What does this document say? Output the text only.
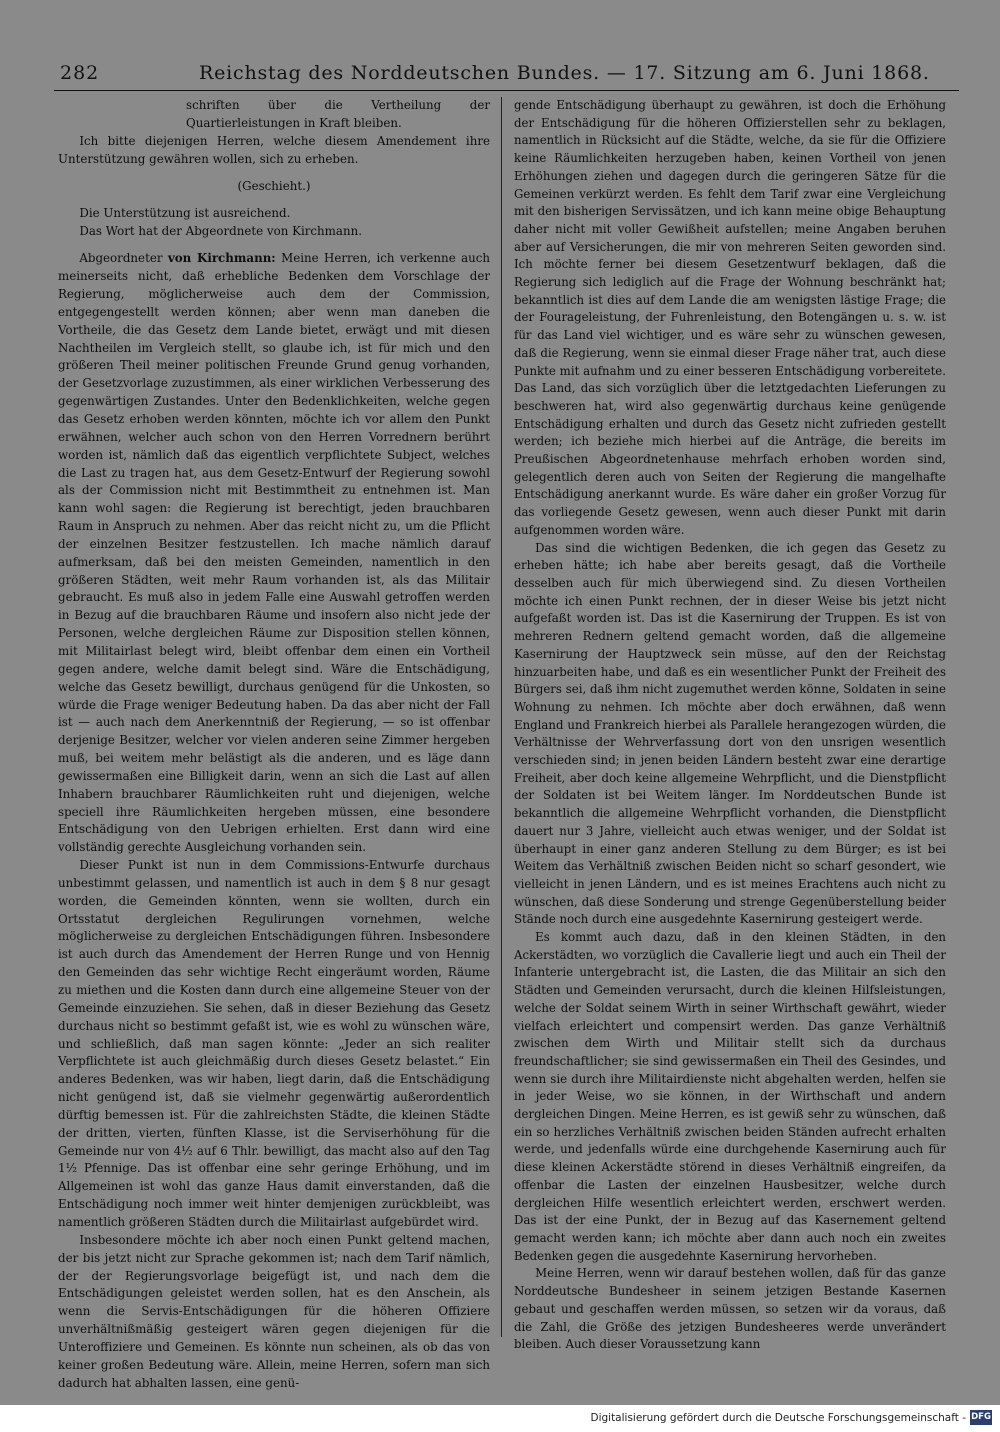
282	Reichstag des Norddeutschen Bundes. — 17. Sitzung am 6. Juni 1868.

schriften über die Vertheilung der Quartierleistungen in Kraft bleiben.

Ich bitte diejenigen Herren, welche diesem Amendement ihre Unterstützung gewähren wollen, sich zu erheben.

(Geschieht.)

Die Unterstützung ist ausreichend.

Das Wort hat der Abgeordnete von Kirchmann.

Abgeordneter von Kirchmann: Meine Herren, ich verkenne auch meinerseits nicht, daß erhebliche Bedenken dem Vorschlage der Regierung, möglicherweise auch dem der Commission, entgegengestellt werden können; aber wenn man daneben die Vortheile, die das Gesetz dem Lande bietet, erwägt und mit diesen Nachtheilen im Vergleich stellt, so glaube ich, ist für mich und den größeren Theil meiner politischen Freunde Grund genug vorhanden, der Gesetzvorlage zuzustimmen, als einer wirklichen Verbesserung des gegenwärtigen Zustandes. Unter den Bedenklichkeiten, welche gegen das Gesetz erhoben werden könnten, möchte ich vor allem den Punkt erwähnen, welcher auch schon von den Herren Vorrednern berührt worden ist, nämlich daß das eigentlich verpflichtete Subject, welches die Last zu tragen hat, aus dem Gesetz-Entwurf der Regierung sowohl als der Commission nicht mit Bestimmtheit zu entnehmen ist. Man kann wohl sagen: die Regierung ist berechtigt, jeden brauchbaren Raum in Anspruch zu nehmen. Aber das reicht nicht zu, um die Pflicht der einzelnen Besitzer festzustellen. Ich mache nämlich darauf aufmerksam, daß bei den meisten Gemeinden, namentlich in den größeren Städten, weit mehr Raum vorhanden ist, als das Militair gebraucht. Es muß also in jedem Falle eine Auswahl getroffen werden in Bezug auf die brauchbaren Räume und insofern also nicht jede der Personen, welche dergleichen Räume zur Disposition stellen können, mit Militairlast belegt wird, bleibt offenbar dem einen ein Vortheil gegen andere, welche damit belegt sind. Wäre die Entschädigung, welche das Gesetz bewilligt, durchaus genügend für die Unkosten, so würde die Frage weniger Bedeutung haben. Da das aber nicht der Fall ist — auch nach dem Anerkenntniß der Regierung, — so ist offenbar derjenige Besitzer, welcher vor vielen anderen seine Zimmer hergeben muß, bei weitem mehr belästigt als die anderen, und es läge dann gewissermaßen eine Billigkeit darin, wenn an sich die Last auf allen Inhabern brauchbarer Räumlichkeiten ruht und diejenigen, welche speciell ihre Räumlichkeiten hergeben müssen, eine besondere Entschädigung von den Uebrigen erhielten. Erst dann wird eine vollständig gerechte Ausgleichung vorhanden sein.

Dieser Punkt ist nun in dem Commissions-Entwurfe durchaus unbestimmt gelassen, und namentlich ist auch in dem § 8 nur gesagt worden, die Gemeinden könnten, wenn sie wollten, durch ein Ortsstatut dergleichen Regulirungen vornehmen, welche möglicherweise zu dergleichen Entschädigungen führen. Insbesondere ist auch durch das Amendement der Herren Runge und von Hennig den Gemeinden das sehr wichtige Recht eingeräumt worden, Räume zu miethen und die Kosten dann durch eine allgemeine Steuer von der Gemeinde einzuziehen. Sie sehen, daß in dieser Beziehung das Gesetz durchaus nicht so bestimmt gefaßt ist, wie es wohl zu wünschen wäre, und schließlich, daß man sagen könnte: „Jeder an sich realiter Verpflichtete ist auch gleichmäßig durch dieses Gesetz belastet.“ Ein anderes Bedenken, was wir haben, liegt darin, daß die Entschädigung nicht genügend ist, daß sie vielmehr gegenwärtig außerordentlich dürftig bemessen ist. Für die zahlreichsten Städte, die kleinen Städte der dritten, vierten, fünften Klasse, ist die Serviserhöhung für die Gemeinde nur von 4½ auf 6 Thlr. bewilligt, das macht also auf den Tag 1½ Pfennige. Das ist offenbar eine sehr geringe Erhöhung, und im Allgemeinen ist wohl das ganze Haus damit einverstanden, daß die Entschädigung noch immer weit hinter demjenigen zurückbleibt, was namentlich größeren Städten durch die Militairlast aufgebürdet wird.

Insbesondere möchte ich aber noch einen Punkt geltend machen, der bis jetzt nicht zur Sprache gekommen ist; nach dem Tarif nämlich, der der Regierungsvorlage beigefügt ist, und nach dem die Entschädigungen geleistet werden sollen, hat es den Anschein, als wenn die Servis-Entschädigungen für die höheren Offiziere unverhältnißmäßig gesteigert wären gegen diejenigen für die Unteroffiziere und Gemeinen. Es könnte nun scheinen, als ob das von keiner großen Bedeutung wäre. Allein, meine Herren, sofern man sich dadurch hat abhalten lassen, eine genü-

gende Entschädigung überhaupt zu gewähren, ist doch die Erhöhung der Entschädigung für die höheren Offizierstellen sehr zu beklagen, namentlich in Rücksicht auf die Städte, welche, da sie für die Offiziere keine Räumlichkeiten herzugeben haben, keinen Vortheil von jenen Erhöhungen ziehen und dagegen durch die geringeren Sätze für die Gemeinen verkürzt werden. Es fehlt dem Tarif zwar eine Vergleichung mit den bisherigen Servissätzen, und ich kann meine obige Behauptung daher nicht mit voller Gewißheit aufstellen; meine Angaben beruhen aber auf Versicherungen, die mir von mehreren Seiten geworden sind. Ich möchte ferner bei diesem Gesetzentwurf beklagen, daß die Regierung sich lediglich auf die Frage der Wohnung beschränkt hat; bekanntlich ist dies auf dem Lande die am wenigsten lästige Frage; die der Fourageleistung, der Fuhrenleistung, den Botengängen u. s. w. ist für das Land viel wichtiger, und es wäre sehr zu wünschen gewesen, daß die Regierung, wenn sie einmal dieser Frage näher trat, auch diese Punkte mit aufnahm und zu einer besseren Entschädigung vorbereitete. Das Land, das sich vorzüglich über die letztgedachten Lieferungen zu beschweren hat, wird also gegenwärtig durchaus keine genügende Entschädigung erhalten und durch das Gesetz nicht zufrieden gestellt werden; ich beziehe mich hierbei auf die Anträge, die bereits im Preußischen Abgeordnetenhause mehrfach erhoben worden sind, gelegentlich deren auch von Seiten der Regierung die mangelhafte Entschädigung anerkannt wurde. Es wäre daher ein großer Vorzug für das vorliegende Gesetz gewesen, wenn auch dieser Punkt mit darin aufgenommen worden wäre.

Das sind die wichtigen Bedenken, die ich gegen das Gesetz zu erheben hätte; ich habe aber bereits gesagt, daß die Vortheile desselben auch für mich überwiegend sind. Zu diesen Vortheilen möchte ich einen Punkt rechnen, der in dieser Weise bis jetzt nicht aufgefaßt worden ist. Das ist die Kasernirung der Truppen. Es ist von mehreren Rednern geltend gemacht worden, daß die allgemeine Kasernirung der Hauptzweck sein müsse, auf den der Reichstag hinzuarbeiten habe, und daß es ein wesentlicher Punkt der Freiheit des Bürgers sei, daß ihm nicht zugemuthet werden könne, Soldaten in seine Wohnung zu nehmen. Ich möchte aber doch erwähnen, daß wenn England und Frankreich hierbei als Parallele herangezogen würden, die Verhältnisse der Wehrverfassung dort von den unsrigen wesentlich verschieden sind; in jenen beiden Ländern besteht zwar eine derartige Freiheit, aber doch keine allgemeine Wehrpflicht, und die Dienstpflicht der Soldaten ist bei Weitem länger. Im Norddeutschen Bunde ist bekanntlich die allgemeine Wehrpflicht vorhanden, die Dienstpflicht dauert nur 3 Jahre, vielleicht auch etwas weniger, und der Soldat ist überhaupt in einer ganz anderen Stellung zu dem Bürger; es ist bei Weitem das Verhältniß zwischen Beiden nicht so scharf gesondert, wie vielleicht in jenen Ländern, und es ist meines Erachtens auch nicht zu wünschen, daß diese Sonderung und strenge Gegenüberstellung beider Stände noch durch eine ausgedehnte Kasernirung gesteigert werde.

Es kommt auch dazu, daß in den kleinen Städten, in den Ackerstädten, wo vorzüglich die Cavallerie liegt und auch ein Theil der Infanterie untergebracht ist, die Lasten, die das Militair an sich den Städten und Gemeinden verursacht, durch die kleinen Hilfsleistungen, welche der Soldat seinem Wirth in seiner Wirthschaft gewährt, wieder vielfach erleichtert und compensirt werden. Das ganze Verhältniß zwischen dem Wirth und Militair stellt sich da durchaus freundschaftlicher; sie sind gewissermaßen ein Theil des Gesindes, und wenn sie durch ihre Militairdienste nicht abgehalten werden, helfen sie in jeder Weise, wo sie können, in der Wirthschaft und andern dergleichen Dingen. Meine Herren, es ist gewiß sehr zu wünschen, daß ein so herzliches Verhältniß zwischen beiden Ständen aufrecht erhalten werde, und jedenfalls würde eine durchgehende Kasernirung auch für diese kleinen Ackerstädte störend in dieses Verhältniß eingreifen, da offenbar die Lasten der einzelnen Hausbesitzer, welche durch dergleichen Hilfe wesentlich erleichtert werden, erschwert werden. Das ist der eine Punkt, der in Bezug auf das Kasernement geltend gemacht werden kann; ich möchte aber dann auch noch ein zweites Bedenken gegen die ausgedehnte Kasernirung hervorheben.

Meine Herren, wenn wir darauf bestehen wollen, daß für das ganze Norddeutsche Bundesheer in seinem jetzigen Bestande Kasernen gebaut und geschaffen werden müssen, so setzen wir da voraus, daß die Zahl, die Größe des jetzigen Bundesheeres werde unverändert bleiben. Auch dieser Voraussetzung kann

Digitalisierung gefördert durch die Deutsche Forschungsgemeinschaft - DFG
